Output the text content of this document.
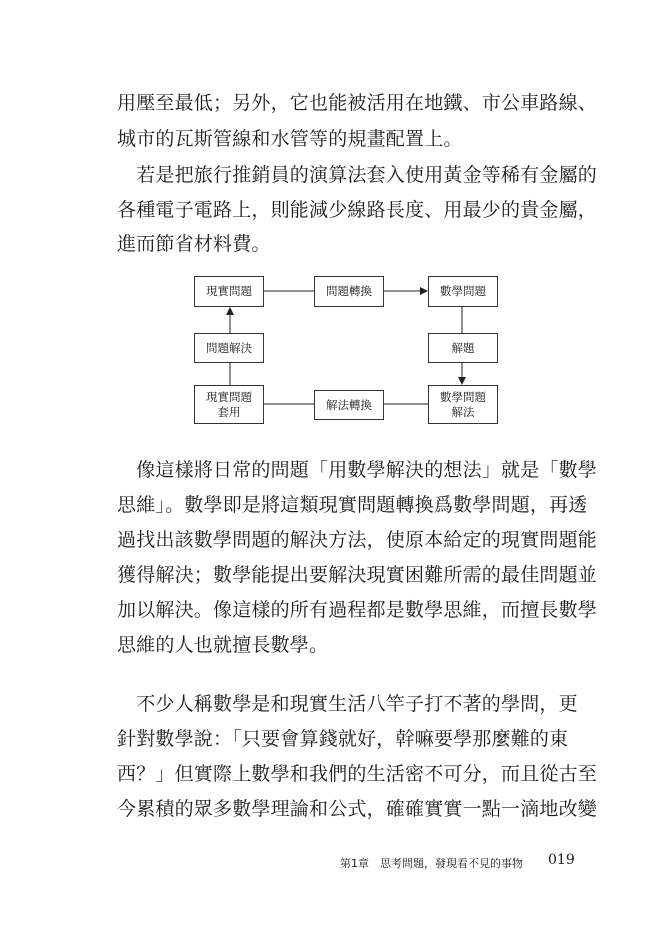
用壓至最低；另外，它也能被活用在地鐵、市公車路線、
城市的瓦斯管線和水管等的規畫配置上。
　若是把旅行推銷員的演算法套入使用黃金等稀有金屬的
各種電子電路上，則能減少線路長度、用最少的貴金屬，
進而節省材料費。
現實問題	問題轉換	數學問題
問題解決	解題
現實問題
套用	解法轉換
數學問題
解法
　像這樣將日常的問題「用數學解決的想法」就是「數學
思維」。數學即是將這類現實問題轉換爲數學問題，再透
過找出該數學問題的解決方法，使原本給定的現實問題能
獲得解決；數學能提出要解決現實困難所需的最佳問題並
加以解決。像這樣的所有過程都是數學思維，而擅長數學
思維的人也就擅長數學。
　不少人稱數學是和現實生活八竿子打不著的學問，更
針對數學說：「只要會算錢就好，幹嘛要學那麼難的東
西？」但實際上數學和我們的生活密不可分，而且從古至
今累積的眾多數學理論和公式，確確實實一點一滴地改變
第1章　思考問題，發現看不見的事物 019
